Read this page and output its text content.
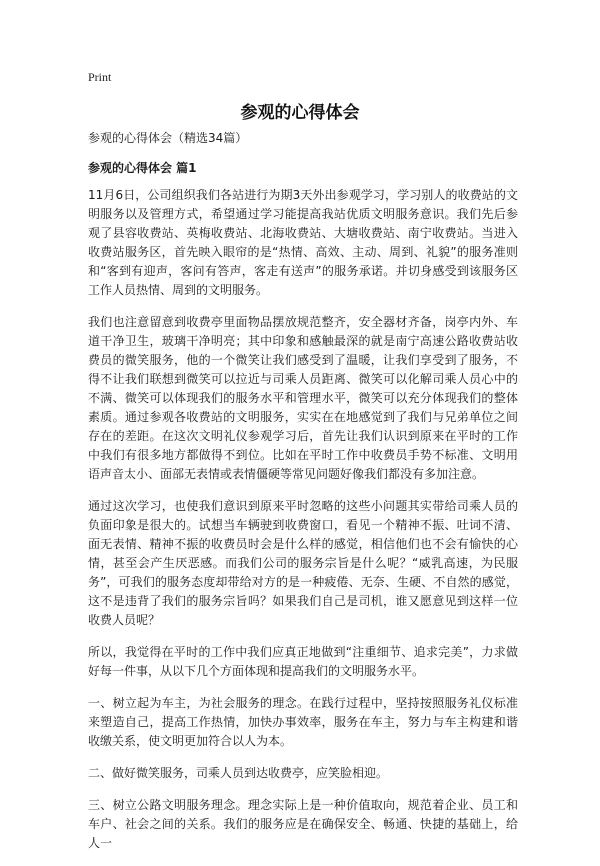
Print
参观的心得体会
参观的心得体会（精选34篇）
参观的心得体会 篇1

11月6日，公司组织我们各站进行为期3天外出参观学习，学习别人的收费站的文明服务以及管理方式，希望通过学习能提高我站优质文明服务意识。我们先后参观了县容收费站、英梅收费站、北海收费站、大塘收费站、南宁收费站。当进入收费站服务区，首先映入眼帘的是“热情、高效、主动、周到、礼貌”的服务准则和“客到有迎声，客问有答声，客走有送声”的服务承诺。并切身感受到该服务区工作人员热情、周到的文明服务。

我们也注意留意到收费亭里面物品摆放规范整齐，安全器材齐备，岗亭内外、车道干净卫生，玻璃干净明亮；其中印象和感触最深的就是南宁高速公路收费站收费员的微笑服务，他的一个微笑让我们感受到了温暖，让我们享受到了服务，不得不让我们联想到微笑可以拉近与司乘人员距离、微笑可以化解司乘人员心中的不满、微笑可以体现我们的服务水平和管理水平，微笑可以充分体现我们的整体素质。通过参观各收费站的文明服务，实实在在地感觉到了我们与兄弟单位之间存在的差距。在这次文明礼仪参观学习后，首先让我们认识到原来在平时的工作中我们有很多地方都做得不到位。比如在平时工作中收费员手势不标准、文明用语声音太小、面部无表情或表情僵硬等常见问题好像我们都没有多加注意。

通过这次学习，也使我们意识到原来平时忽略的这些小问题其实带给司乘人员的负面印象是很大的。试想当车辆驶到收费窗口，看见一个精神不振、吐词不清、面无表情、精神不振的收费员时会是什么样的感觉，相信他们也不会有愉快的心情，甚至会产生厌恶感。而我们公司的服务宗旨是什么呢？“威乳高速，为民服务”，可我们的服务态度却带给对方的是一种疲倦、无奈、生硬、不自然的感觉，这不是违背了我们的服务宗旨吗？如果我们自己是司机，谁又愿意见到这样一位收费人员呢？

所以，我觉得在平时的工作中我们应真正地做到“注重细节、追求完美”，力求做好每一件事，从以下几个方面体现和提高我们的文明服务水平。

一、树立起为车主，为社会服务的理念。在践行过程中，坚持按照服务礼仪标准来塑造自己，提高工作热情，加快办事效率，服务在车主，努力与车主构建和谐收缴关系，使文明更加符合以人为本。

二、做好微笑服务，司乘人员到达收费亭，应笑脸相迎。

三、树立公路文明服务理念。理念实际上是一种价值取向，规范着企业、员工和车户、社会之间的关系。我们的服务应是在确保安全、畅通、快捷的基础上，给人一
